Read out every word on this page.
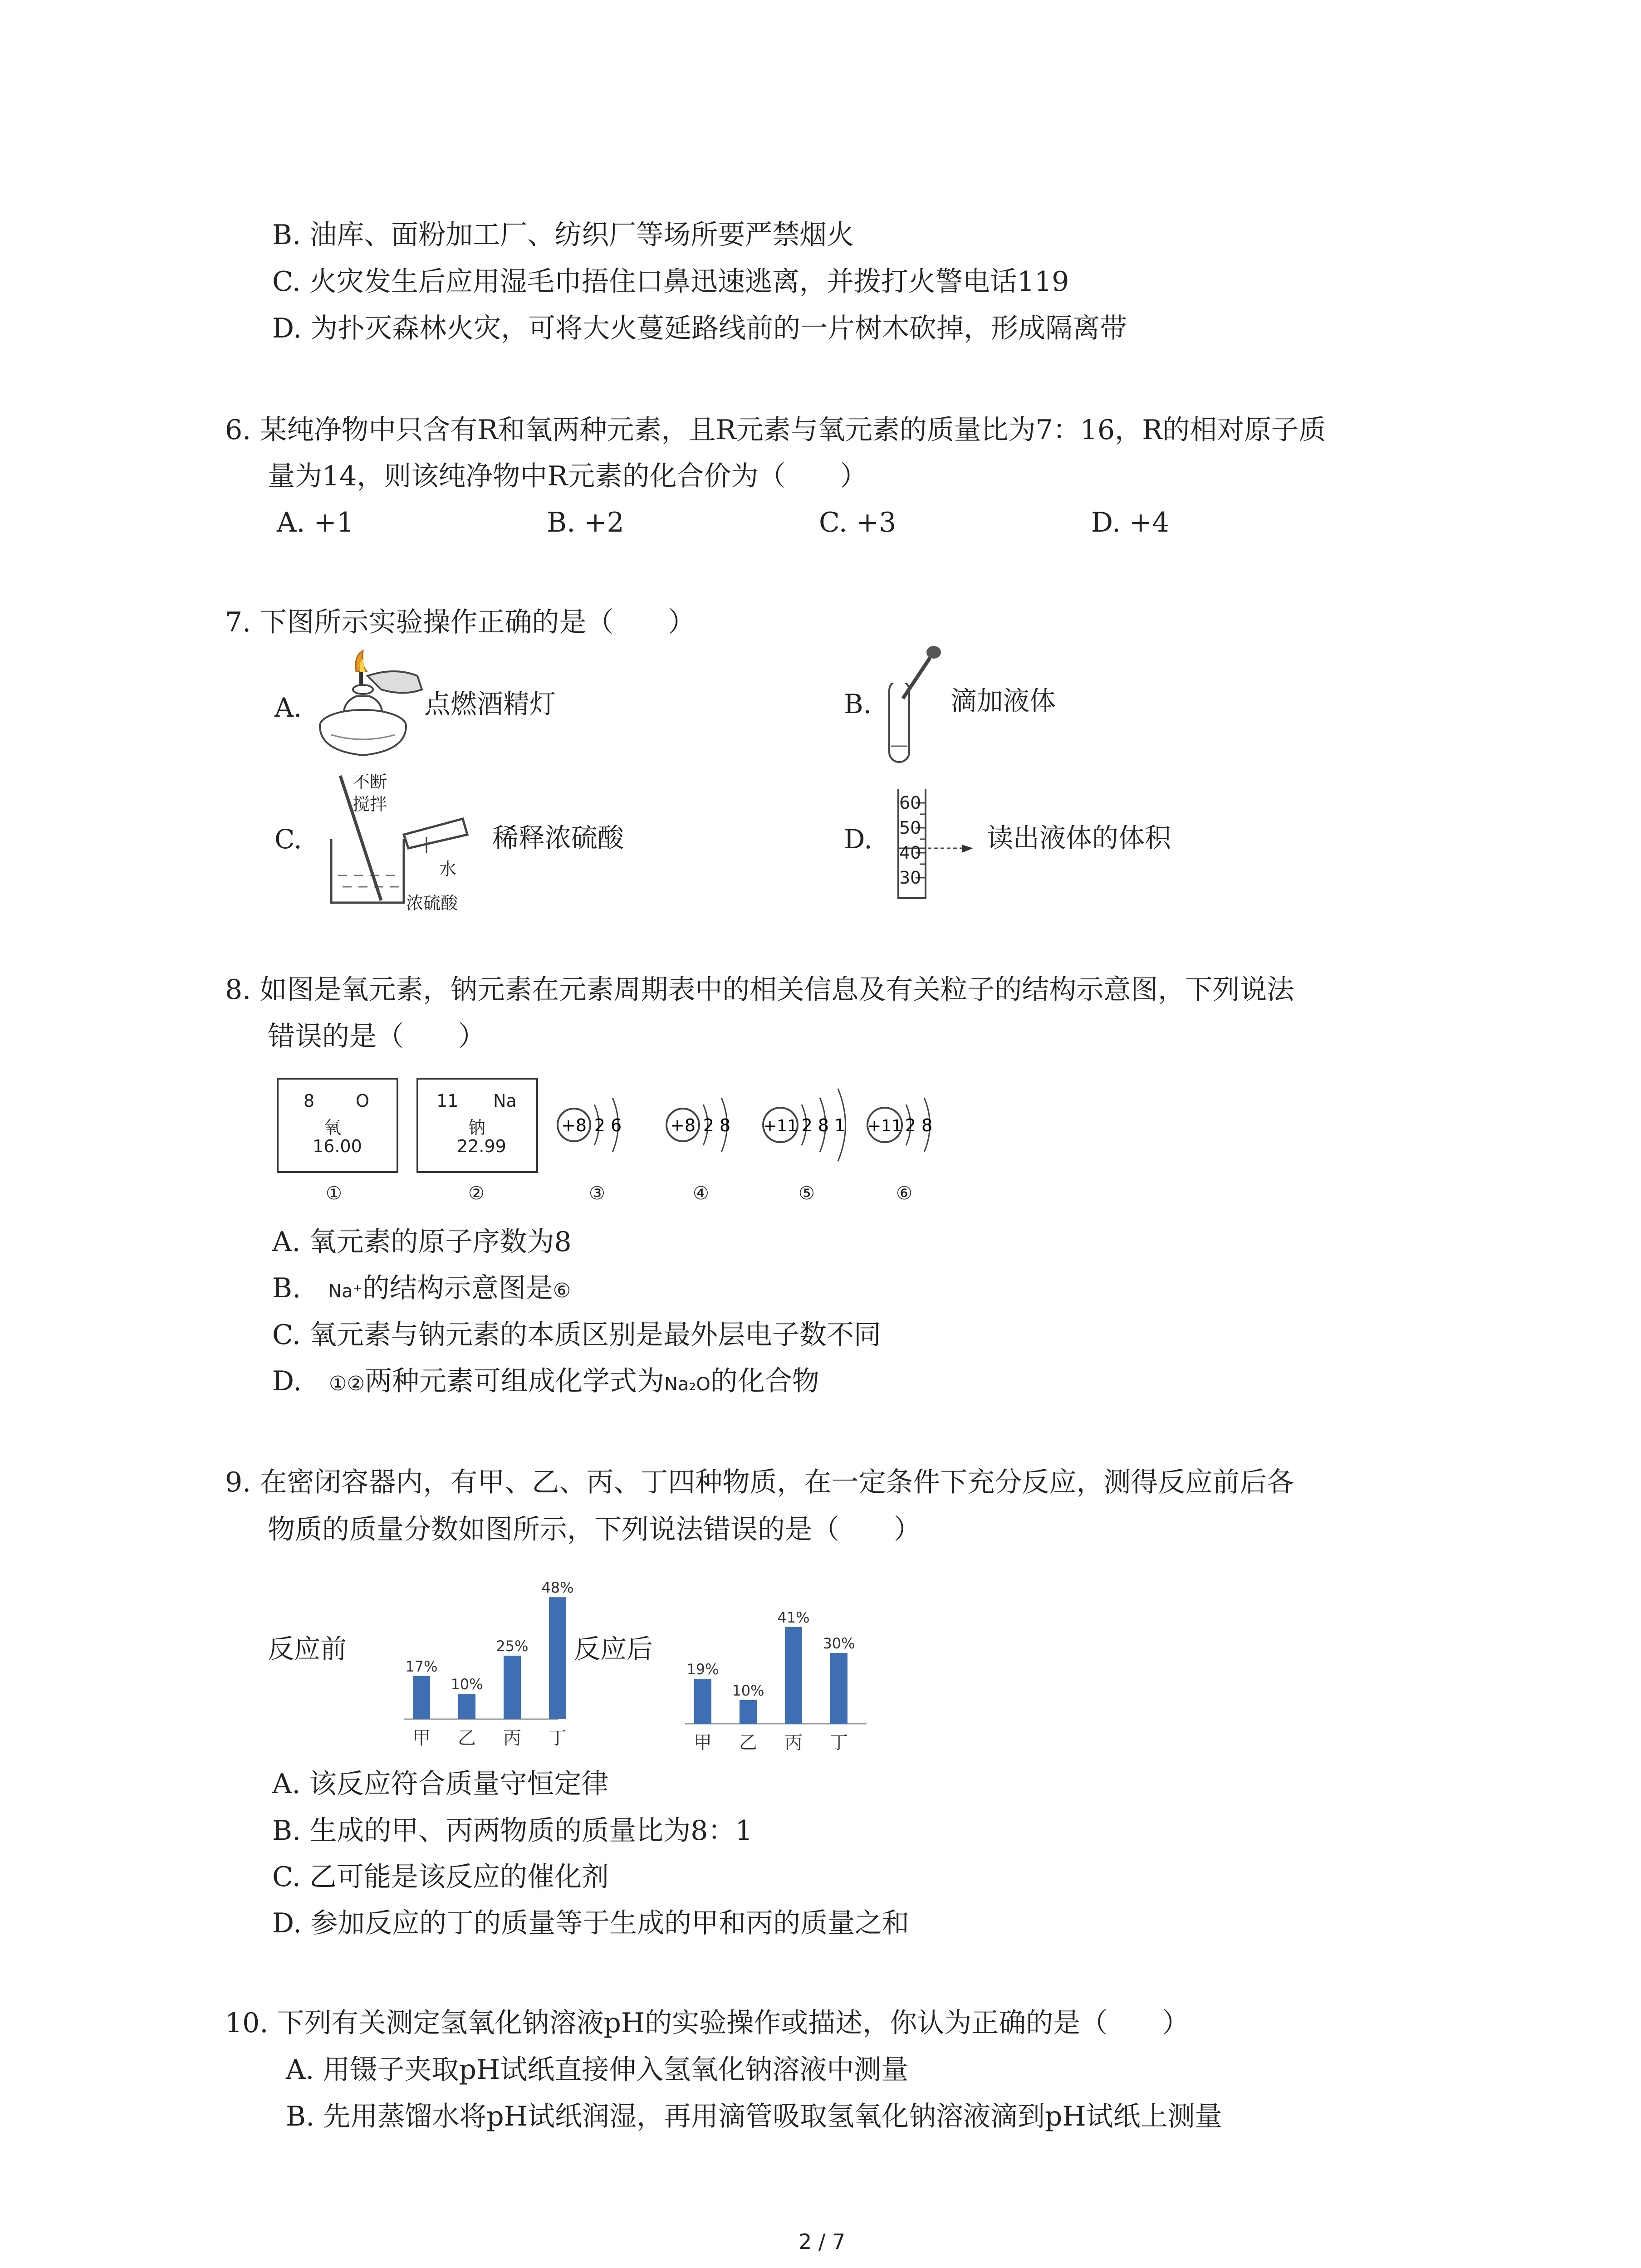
B. 油库、面粉加工厂、纺织厂等场所要严禁烟火
C. 火灾发生后应用湿毛巾捂住口鼻迅速逃离，并拨打火警电话119
D. 为扑灭森林火灾，可将大火蔓延路线前的一片树木砍掉，形成隔离带
6. 某纯净物中只含有R和氧两种元素，且R元素与氧元素的质量比为7：16，R的相对原子质
量为14，则该纯净物中R元素的化合价为（　　）
A. +1	B. +2	C. +3	D. +4
7. 下图所示实验操作正确的是（　　）
A.	点燃酒精灯	B.	滴加液体
C.
不断
搅拌
水
浓硫酸
稀释浓硫酸	D.
60
50
40
30
读出液体的体积
8. 如图是氧元素，钠元素在元素周期表中的相关信息及有关粒子的结构示意图，下列说法
错误的是（　　）
8 O
氧
16.00
11 Na
钠
22.99
+8 2 6	+8 2 8 +11 2 8 1 +11 2 8
①	②	③	④	⑤	⑥
A. 氧元素的原子序数为8
B. Na⁺的结构示意图是⑥
C. 氧元素与钠元素的本质区别是最外层电子数不同
D. ①②两种元素可组成化学式为Na₂O的化合物
9. 在密闭容器内，有甲、乙、丙、丁四种物质，在一定条件下充分反应，测得反应前后各
物质的质量分数如图所示，下列说法错误的是（　　）
反应前
17%
甲
10%
乙
25%
丙
48%
丁
反应后
19%
甲
10%
乙
41%
丙
30%
丁
A. 该反应符合质量守恒定律
B. 生成的甲、丙两物质的质量比为8：1
C. 乙可能是该反应的催化剂
D. 参加反应的丁的质量等于生成的甲和丙的质量之和
10. 下列有关测定氢氧化钠溶液pH的实验操作或描述，你认为正确的是（　　）
A. 用镊子夹取pH试纸直接伸入氢氧化钠溶液中测量
B. 先用蒸馏水将pH试纸润湿，再用滴管吸取氢氧化钠溶液滴到pH试纸上测量
2 / 7
